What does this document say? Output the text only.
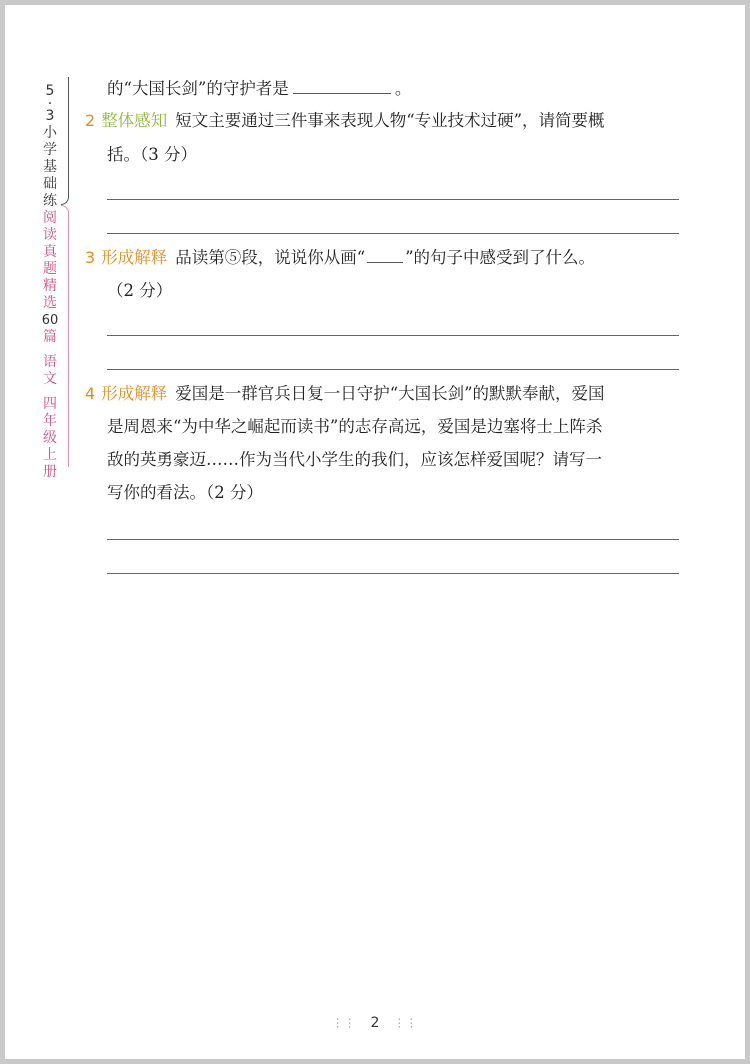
5
·
3
小
学
基
础
练
阅
读
真
题
精
选
60
篇
语
文
四
年
级
上
册
的“大国长剑”的守护者是	。
2 整体感知 短文主要通过三件事来表现人物“专业技术过硬”，请简要概
括。（3 分）
3 形成解释 品读第⑤段，说说你从画“ ”的句子中感受到了什么。
（2 分）
4 形成解释 爱国是一群官兵日复一日守护“大国长剑”的默默奉献，爱国
是周恩来“为中华之崛起而读书”的志存高远，爱国是边塞将士上阵杀
敌的英勇豪迈……作为当代小学生的我们，应该怎样爱国呢？请写一
写你的看法。（2 分）
⋮⋮ 2 ⋮⋮
